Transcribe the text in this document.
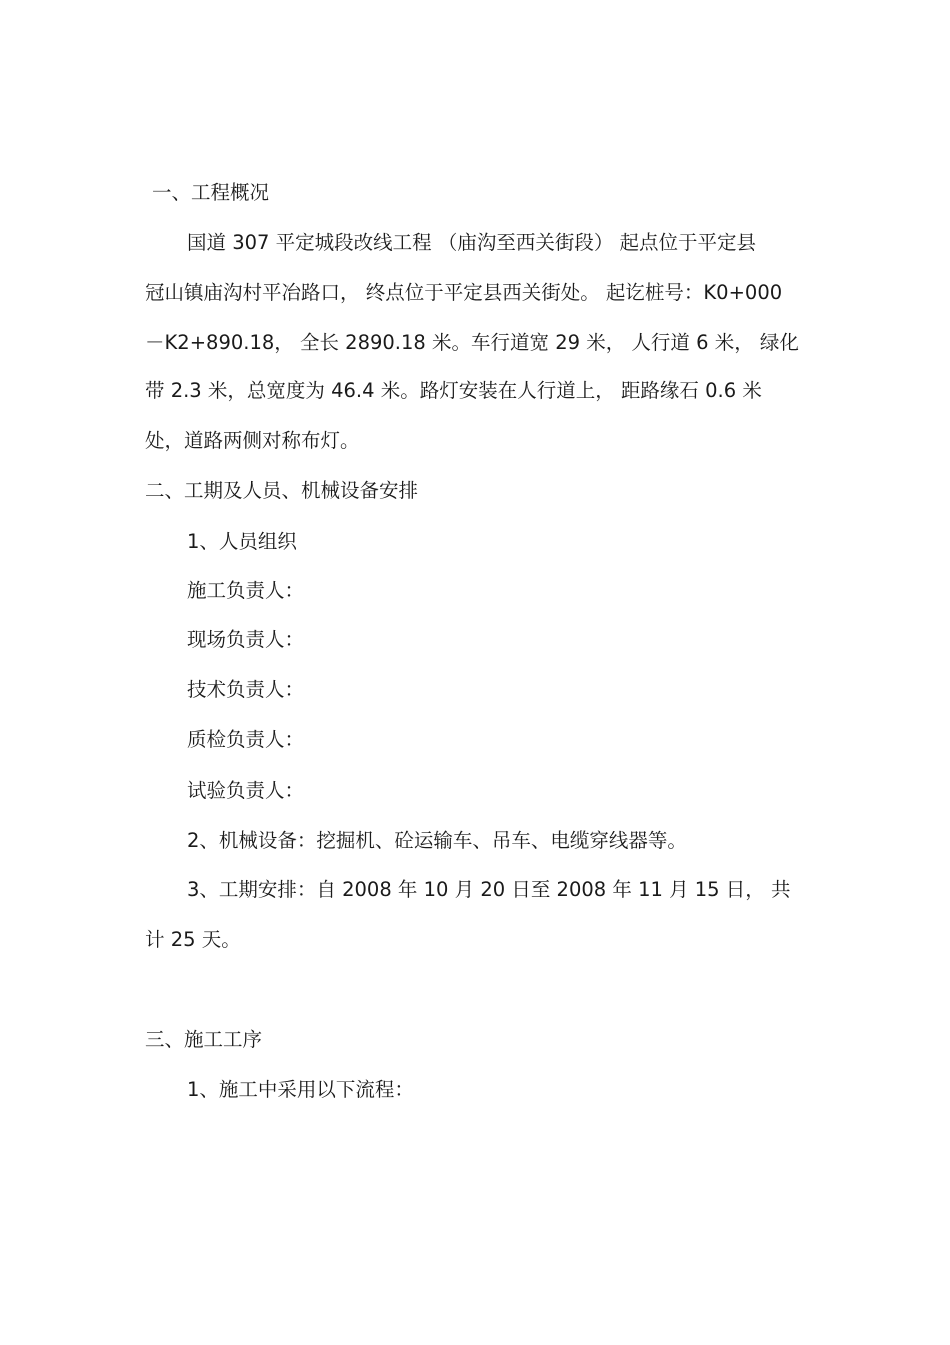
一、工程概况
国道 307 平定城段改线工程 （庙沟至西关街段） 起点位于平定县
冠山镇庙沟村平冶路口， 终点位于平定县西关街处。 起讫桩号：K0+000
－K2+890.18， 全长 2890.18 米。车行道宽 29 米， 人行道 6 米， 绿化
带 2.3 米，总宽度为 46.4 米。路灯安装在人行道上， 距路缘石 0.6 米
处，道路两侧对称布灯。
二、工期及人员、机械设备安排
1、人员组织
施工负责人：
现场负责人：
技术负责人：
质检负责人：
试验负责人：
2、机械设备：挖掘机、砼运输车、吊车、电缆穿线器等。
3、工期安排：自 2008 年 10 月 20 日至 2008 年 11 月 15 日， 共
计 25 天。
三、施工工序
1、施工中采用以下流程：
